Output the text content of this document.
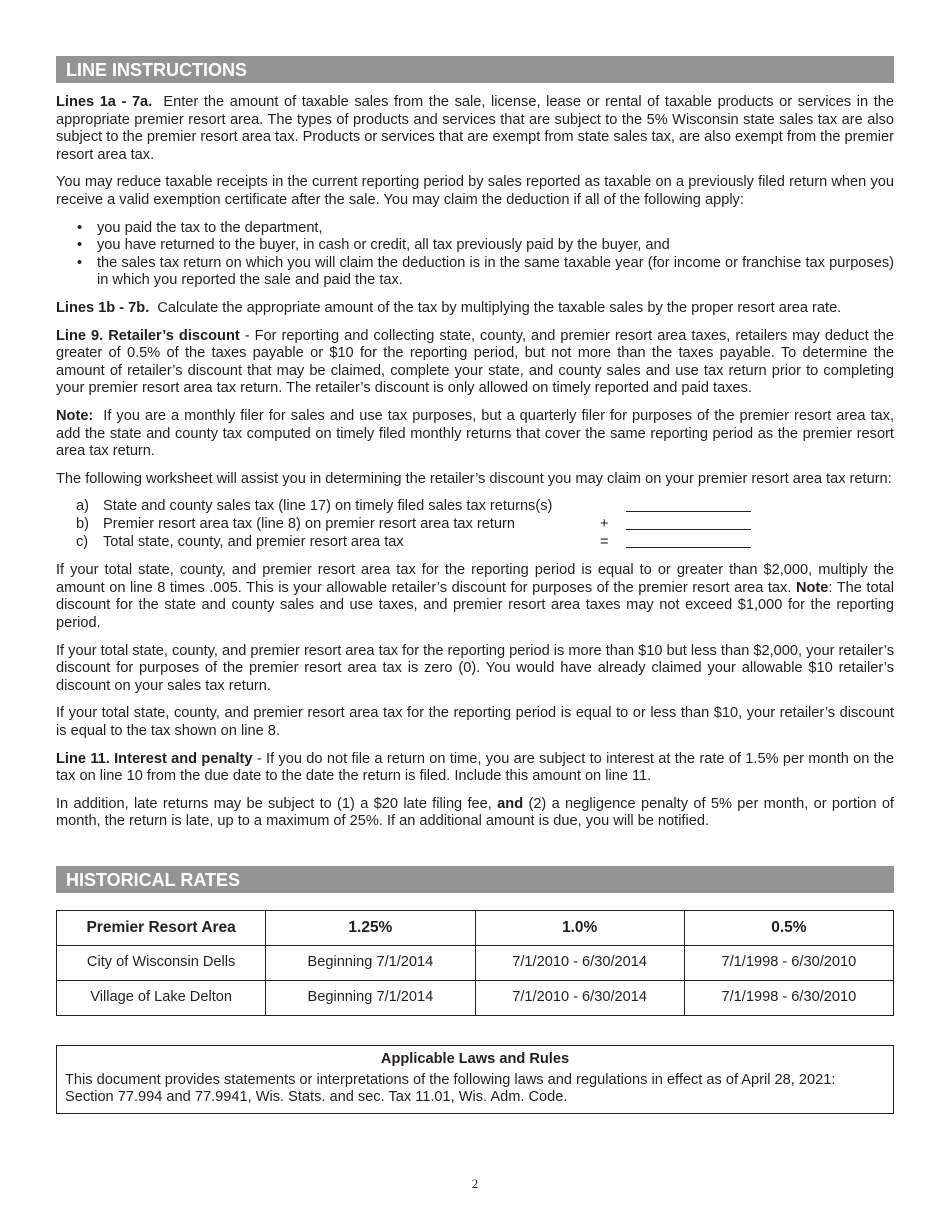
LINE INSTRUCTIONS

Lines 1a - 7a. Enter the amount of taxable sales from the sale, license, lease or rental of taxable products or services in the appropriate premier resort area. The types of products and services that are subject to the 5% Wisconsin state sales tax are also subject to the premier resort area tax. Products or services that are exempt from state sales tax, are also exempt from the premier resort area tax.

You may reduce taxable receipts in the current reporting period by sales reported as taxable on a previously filed return when you receive a valid exemption certificate after the sale. You may claim the deduction if all of the following apply:

• you paid the tax to the department,
• you have returned to the buyer, in cash or credit, all tax previously paid by the buyer, and
• the sales tax return on which you will claim the deduction is in the same taxable year (for income or franchise tax purposes) in which you reported the sale and paid the tax.

Lines 1b - 7b. Calculate the appropriate amount of the tax by multiplying the taxable sales by the proper resort area rate.

Line 9. Retailer’s discount - For reporting and collecting state, county, and premier resort area taxes, retailers may deduct the greater of 0.5% of the taxes payable or $10 for the reporting period, but not more than the taxes payable. To determine the amount of retailer’s discount that may be claimed, complete your state, and county sales and use tax return prior to completing your premier resort area tax return. The retailer’s discount is only allowed on timely reported and paid taxes.

Note: If you are a monthly filer for sales and use tax purposes, but a quarterly filer for purposes of the premier resort area tax, add the state and county tax computed on timely filed monthly returns that cover the same reporting period as the premier resort area tax return.

The following worksheet will assist you in determining the retailer’s discount you may claim on your premier resort area tax return:

a) State and county sales tax (line 17) on timely filed sales tax returns(s)
b) Premier resort area tax (line 8) on premier resort area tax return	+
c) Total state, county, and premier resort area tax	=

If your total state, county, and premier resort area tax for the reporting period is equal to or greater than $2,000, multiply the amount on line 8 times .005. This is your allowable retailer’s discount for purposes of the premier resort area tax. Note: The total discount for the state and county sales and use taxes, and premier resort area taxes may not exceed $1,000 for the reporting period.

If your total state, county, and premier resort area tax for the reporting period is more than $10 but less than $2,000, your retailer’s discount for purposes of the premier resort area tax is zero (0). You would have already claimed your allowable $10 retailer’s discount on your sales tax return.

If your total state, county, and premier resort area tax for the reporting period is equal to or less than $10, your retailer’s discount is equal to the tax shown on line 8.

Line 11. Interest and penalty - If you do not file a return on time, you are subject to interest at the rate of 1.5% per month on the tax on line 10 from the due date to the date the return is filed. Include this amount on line 11.

In addition, late returns may be subject to (1) a $20 late filing fee, and (2) a negligence penalty of 5% per month, or portion of month, the return is late, up to a maximum of 25%. If an additional amount is due, you will be notified.

HISTORICAL RATES
Premier Resort Area	1.25%	1.0%	0.5%
City of Wisconsin Dells	Beginning 7/1/2014	7/1/2010 - 6/30/2014	7/1/1998 - 6/30/2010
Village of Lake Delton	Beginning 7/1/2014	7/1/2010 - 6/30/2014	7/1/1998 - 6/30/2010
Applicable Laws and Rules

This document provides statements or interpretations of the following laws and regulations in effect as of April 28, 2021: Section 77.994 and 77.9941, Wis. Stats. and sec. Tax 11.01, Wis. Adm. Code.

2
